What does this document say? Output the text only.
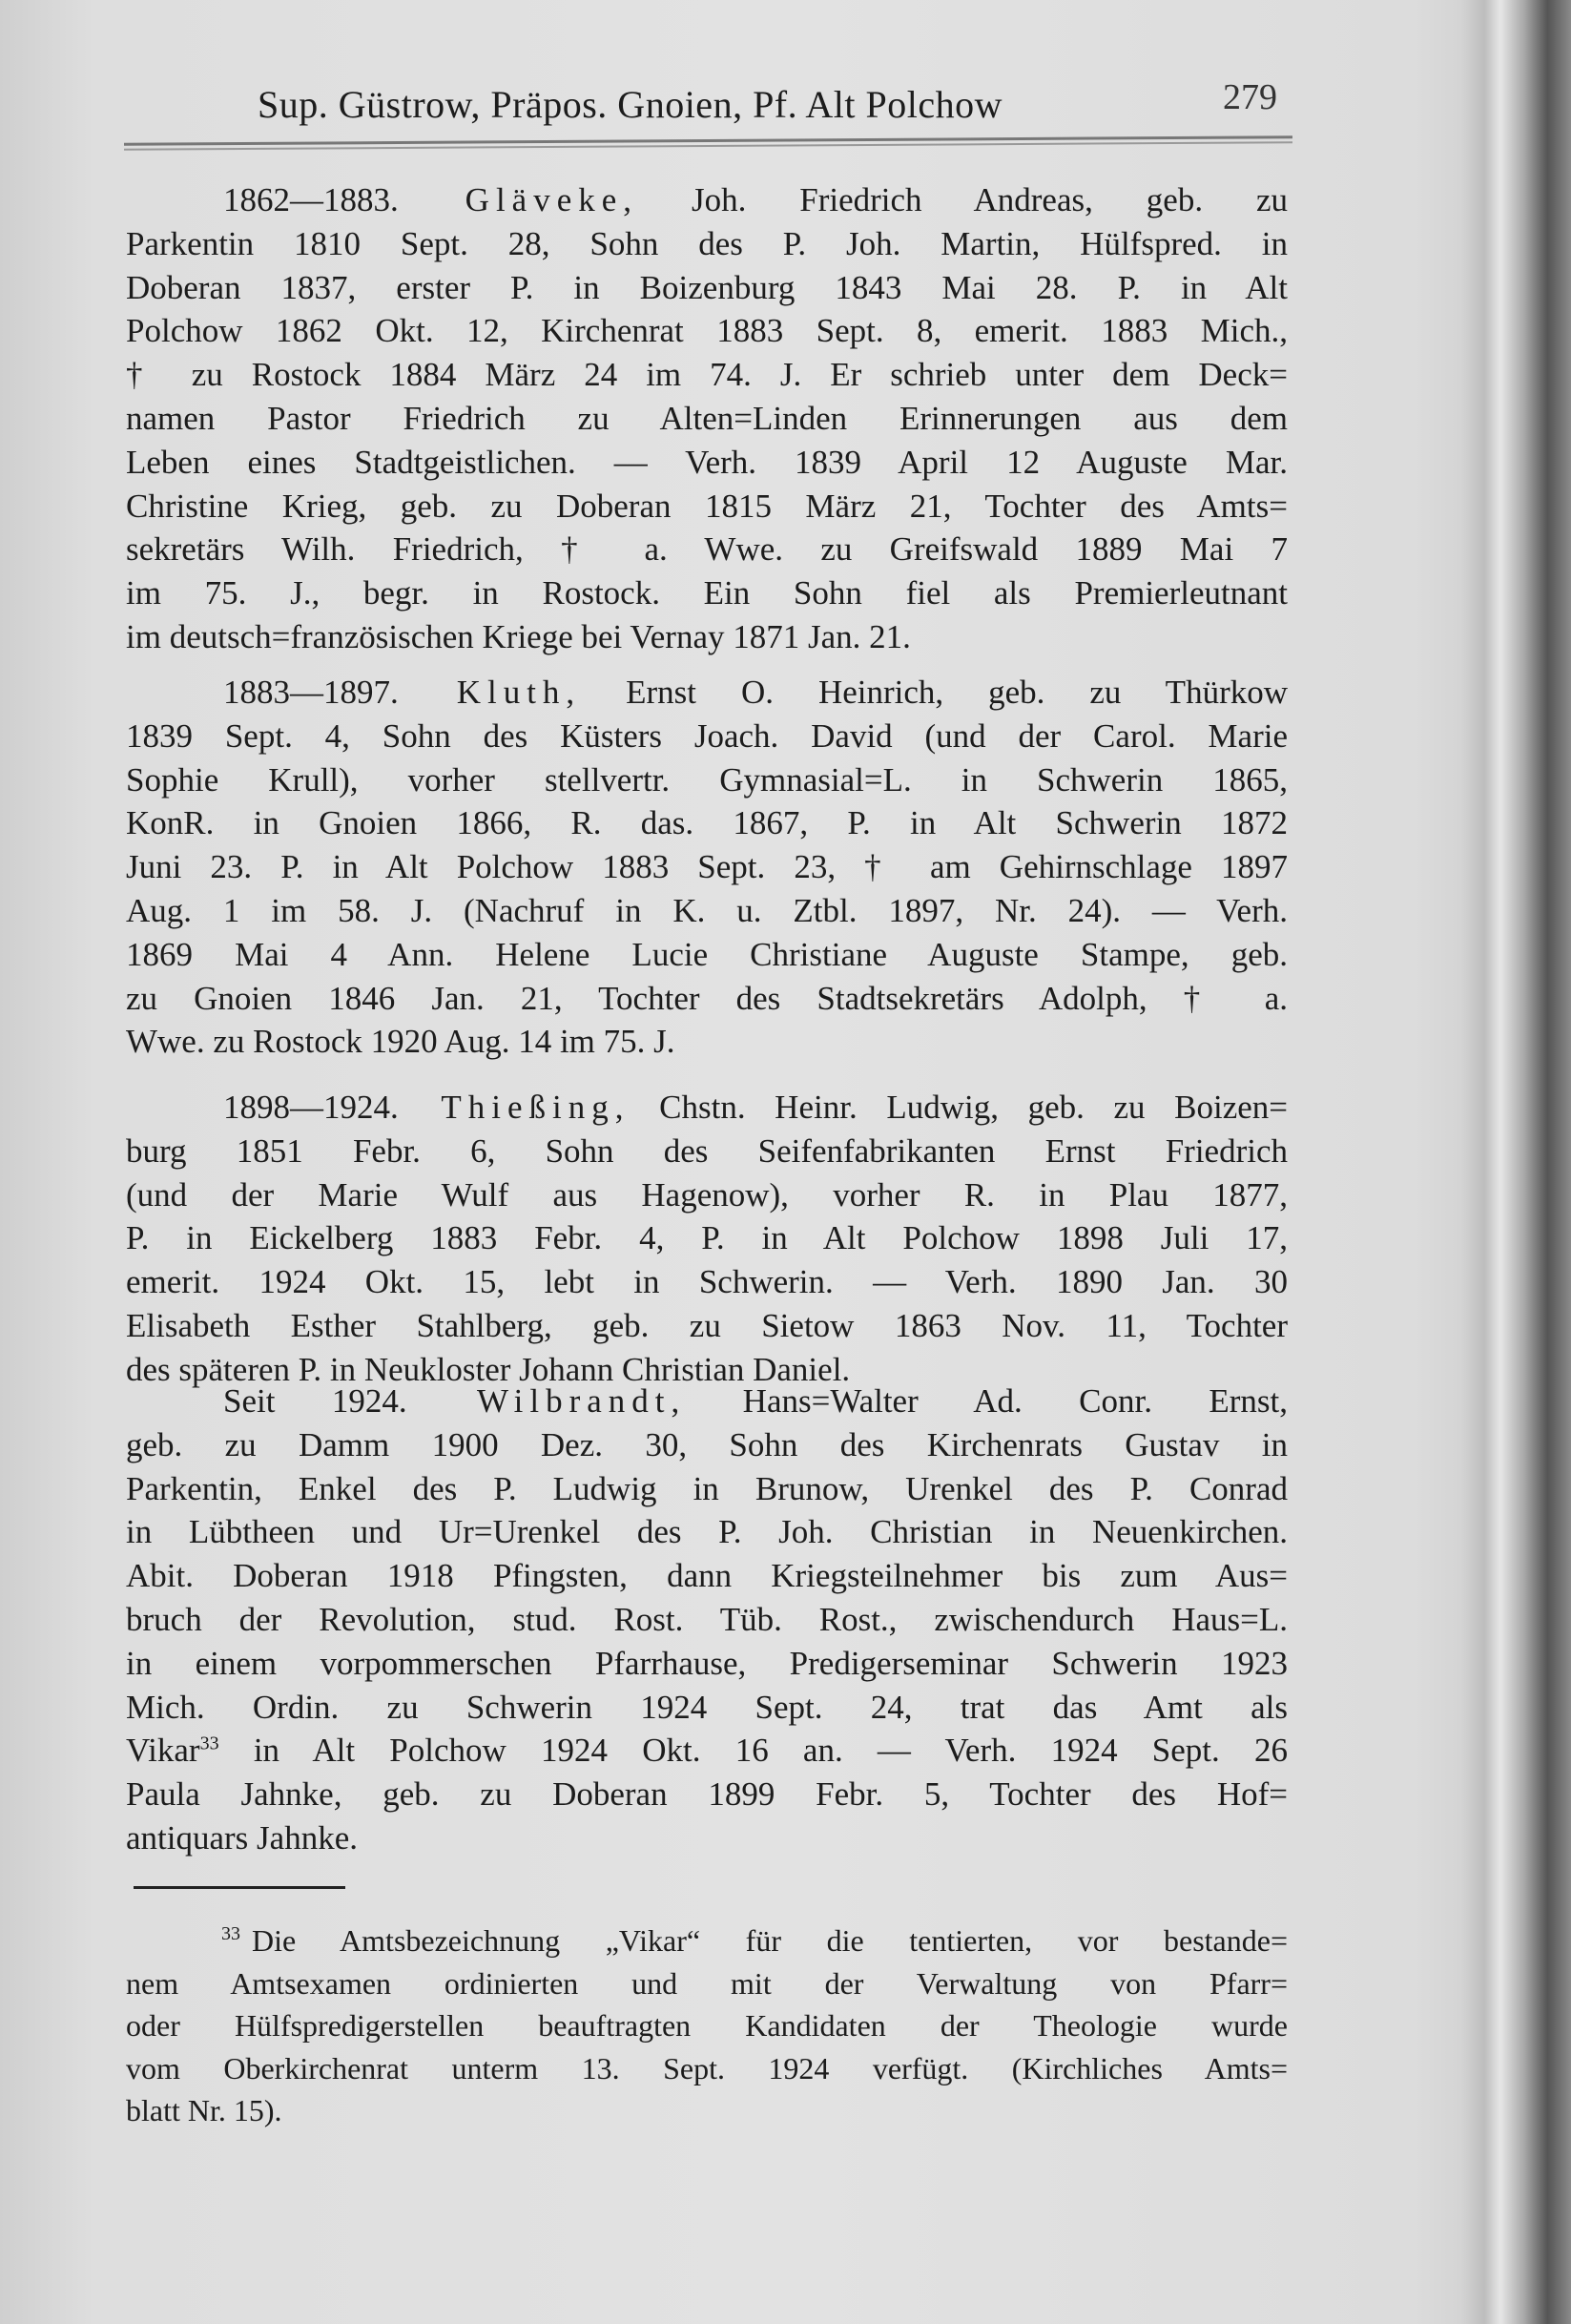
Sup. Güstrow, Präpos. Gnoien, Pf. Alt Polchow	279
1862—1883. Gläveke, Joh. Friedrich Andreas, geb. zu
Parkentin 1810 Sept. 28, Sohn des P. Joh. Martin, Hülfspred. in
Doberan 1837, erster P. in Boizenburg 1843 Mai 28. P. in Alt
Polchow 1862 Okt. 12, Kirchenrat 1883 Sept. 8, emerit. 1883 Mich.,
† zu Rostock 1884 März 24 im 74. J. Er schrieb unter dem Deck=
namen Pastor Friedrich zu Alten=Linden Erinnerungen aus dem
Leben eines Stadtgeistlichen. — Verh. 1839 April 12 Auguste Mar.
Christine Krieg, geb. zu Doberan 1815 März 21, Tochter des Amts=
sekretärs Wilh. Friedrich, † a. Wwe. zu Greifswald 1889 Mai 7
im 75. J., begr. in Rostock. Ein Sohn fiel als Premierleutnant
im deutsch=französischen Kriege bei Vernay 1871 Jan. 21.
1883—1897. Kluth, Ernst O. Heinrich, geb. zu Thürkow
1839 Sept. 4, Sohn des Küsters Joach. David (und der Carol. Marie
Sophie Krull), vorher stellvertr. Gymnasial=L. in Schwerin 1865,
KonR. in Gnoien 1866, R. das. 1867, P. in Alt Schwerin 1872
Juni 23. P. in Alt Polchow 1883 Sept. 23, † am Gehirnschlage 1897
Aug. 1 im 58. J. (Nachruf in K. u. Ztbl. 1897, Nr. 24). — Verh.
1869 Mai 4 Ann. Helene Lucie Christiane Auguste Stampe, geb.
zu Gnoien 1846 Jan. 21, Tochter des Stadtsekretärs Adolph, † a.
Wwe. zu Rostock 1920 Aug. 14 im 75. J.
1898—1924. Thießing, Chstn. Heinr. Ludwig, geb. zu Boizen=
burg 1851 Febr. 6, Sohn des Seifenfabrikanten Ernst Friedrich
(und der Marie Wulf aus Hagenow), vorher R. in Plau 1877,
P. in Eickelberg 1883 Febr. 4, P. in Alt Polchow 1898 Juli 17,
emerit. 1924 Okt. 15, lebt in Schwerin. — Verh. 1890 Jan. 30
Elisabeth Esther Stahlberg, geb. zu Sietow 1863 Nov. 11, Tochter
des späteren P. in Neukloster Johann Christian Daniel.
Seit 1924. Wilbrandt, Hans=Walter Ad. Conr. Ernst,
geb. zu Damm 1900 Dez. 30, Sohn des Kirchenrats Gustav in
Parkentin, Enkel des P. Ludwig in Brunow, Urenkel des P. Conrad
in Lübtheen und Ur=Urenkel des P. Joh. Christian in Neuenkirchen.
Abit. Doberan 1918 Pfingsten, dann Kriegsteilnehmer bis zum Aus=
bruch der Revolution, stud. Rost. Tüb. Rost., zwischendurch Haus=L.
in einem vorpommerschen Pfarrhause, Predigerseminar Schwerin 1923
Mich. Ordin. zu Schwerin 1924 Sept. 24, trat das Amt als
Vikar$^{33}$ in Alt Polchow 1924 Okt. 16 an. — Verh. 1924 Sept. 26
Paula Jahnke, geb. zu Doberan 1899 Febr. 5, Tochter des Hof=
antiquars Jahnke.
$^{33}$ Die Amtsbezeichnung „Vikar“ für die tentierten, vor bestande=
nem Amtsexamen ordinierten und mit der Verwaltung von Pfarr=
oder Hülfspredigerstellen beauftragten Kandidaten der Theologie wurde
vom Oberkirchenrat unterm 13. Sept. 1924 verfügt. (Kirchliches Amts=
blatt Nr. 15).
